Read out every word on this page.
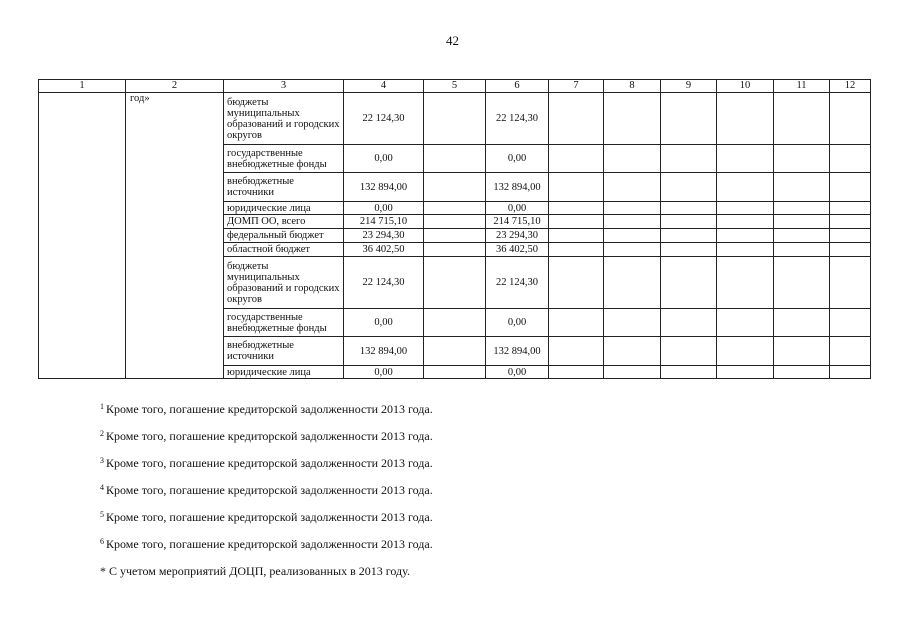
42
1	2	3	4	5	6	7	8	9	10	11	12
	год»	бюджеты муниципальных образований и городских округов	22 124,30		22 124,30						
		государственные внебюджетные фонды	0,00		0,00						
		внебюджетные источники	132 894,00		132 894,00						
		юридические лица	0,00		0,00						
		ДОМП ОО, всего	214 715,10		214 715,10						
		федеральный бюджет	23 294,30		23 294,30						
		областной бюджет	36 402,50		36 402,50						
		бюджеты муниципальных образований и городских округов	22 124,30		22 124,30						
		государственные внебюджетные фонды	0,00		0,00						
		внебюджетные источники	132 894,00		132 894,00						
		юридические лица	0,00		0,00						
$^1$ Кроме того, погашение кредиторской задолженности 2013 года.
$^2$ Кроме того, погашение кредиторской задолженности 2013 года.
$^3$ Кроме того, погашение кредиторской задолженности 2013 года.
$^4$ Кроме того, погашение кредиторской задолженности 2013 года.
$^5$ Кроме того, погашение кредиторской задолженности 2013 года.
$^6$ Кроме того, погашение кредиторской задолженности 2013 года.
* С учетом мероприятий ДОЦП, реализованных в 2013 году.
